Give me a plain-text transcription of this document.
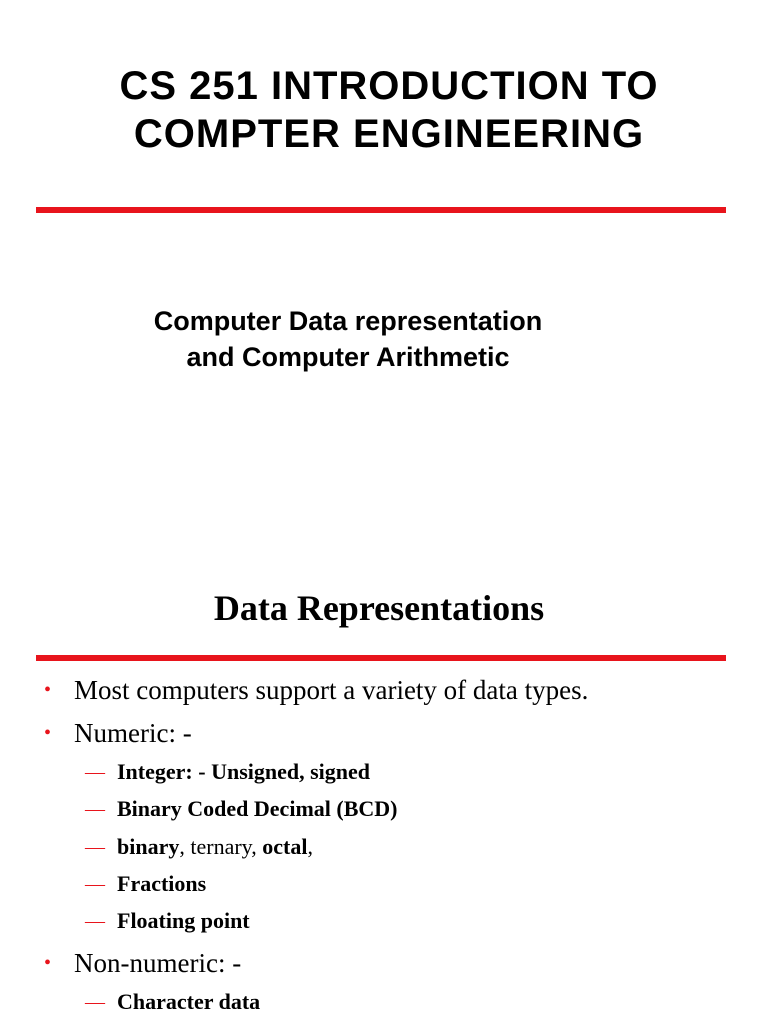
CS 251 INTRODUCTION TO
COMPTER ENGINEERING
Computer Data representation
and Computer Arithmetic
Data Representations
• Most computers support a variety of data types.
• Numeric: -
— Integer: - Unsigned, signed
— Binary Coded Decimal (BCD)
— binary, ternary, octal,
— Fractions
— Floating point
• Non-numeric: -
— Character data
